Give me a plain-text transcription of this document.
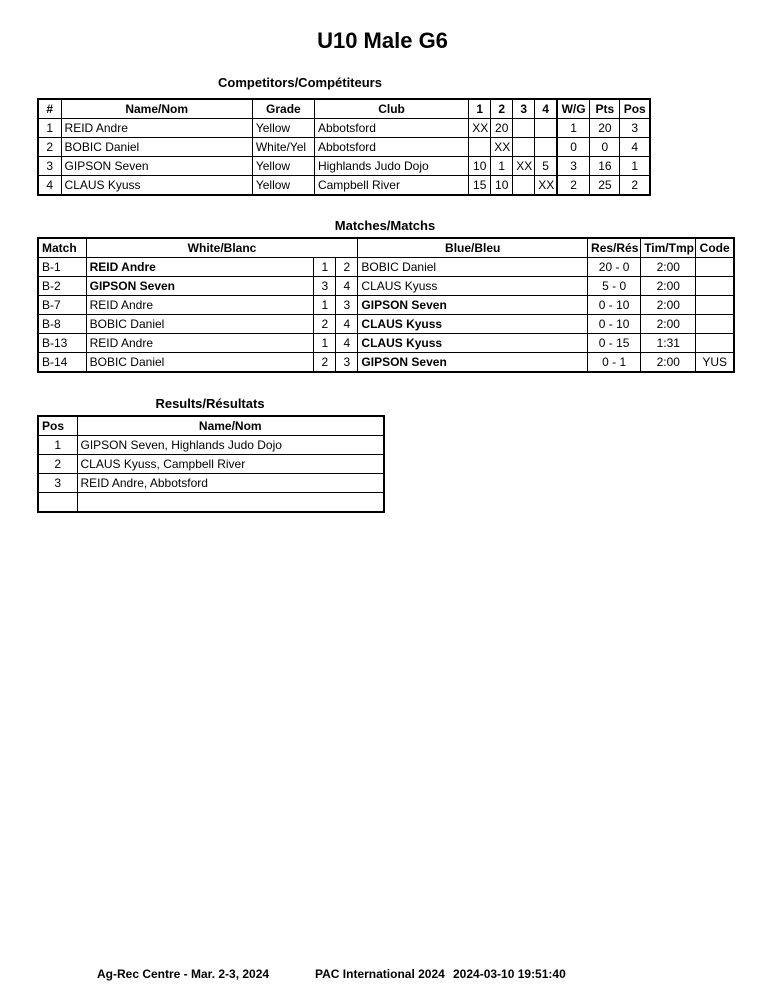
U10 Male G6
Competitors/Compétiteurs
#	Name/Nom	Grade	Club	1	2	3	4	W/G	Pts	Pos
1	REID Andre	Yellow	Abbotsford	XX	20			1	20	3
2	BOBIC Daniel	White/Yel	Abbotsford		XX			0	0	4
3	GIPSON Seven	Yellow	Highlands Judo Dojo	10	1	XX	5	3	16	1
4	CLAUS Kyuss	Yellow	Campbell River	15	10		XX	2	25	2
Matches/Matchs
Match	White/Blanc			Blue/Bleu	Res/Rés	Tim/Tmp	Code
B-1	REID Andre	1	2	BOBIC Daniel	20 - 0	2:00	
B-2	GIPSON Seven	3	4	CLAUS Kyuss	5 - 0	2:00	
B-7	REID Andre	1	3	GIPSON Seven	0 - 10	2:00	
B-8	BOBIC Daniel	2	4	CLAUS Kyuss	0 - 10	2:00	
B-13	REID Andre	1	4	CLAUS Kyuss	0 - 15	1:31	
B-14	BOBIC Daniel	2	3	GIPSON Seven	0 - 1	2:00	YUS
Results/Résultats
Pos	Name/Nom
1	GIPSON Seven, Highlands Judo Dojo
2	CLAUS Kyuss, Campbell River
3	REID Andre, Abbotsford

Ag-Rec Centre - Mar. 2-3, 2024	PAC International 2024 2024-03-10 19:51:40
